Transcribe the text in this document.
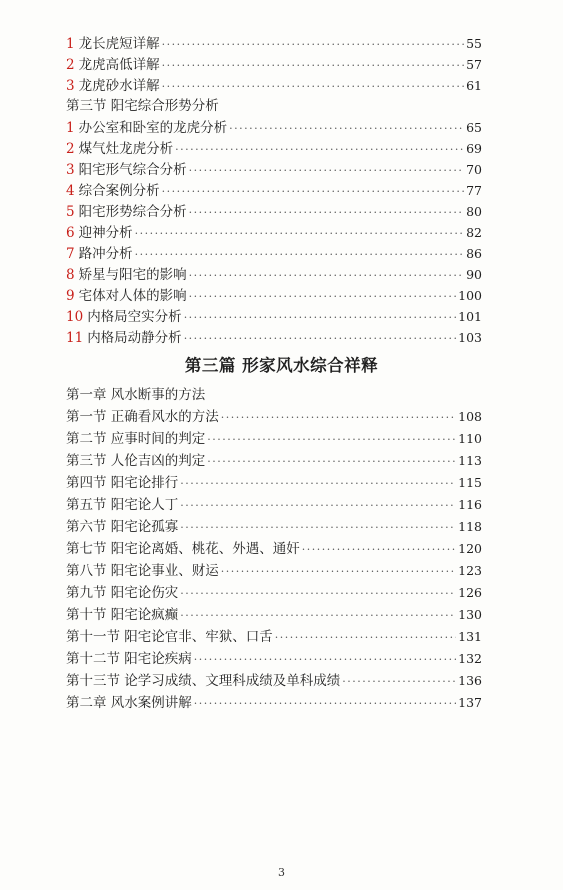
1 龙长虎短详解 ·····	55
2 龙虎高低详解 ·····	57
3 龙虎砂水详解 ·····	61
第三节 阳宅综合形势分析
1 办公室和卧室的龙虎分析 ·····	65
2 煤气灶龙虎分析 ·····	69
3 阳宅形气综合分析 ·····	70
4 综合案例分析 ·····	77
5 阳宅形势综合分析 ·····	80
6 迎神分析 ·····	82
7 路冲分析 ·····	86
8 矫星与阳宅的影响 ·····	90
9 宅体对人体的影响 ·····	100
10 内格局空实分析 ·····	101
11 内格局动静分析 ·····	103
第三篇 形家风水综合祥释
第一章 风水断事的方法
第一节 正确看风水的方法 ·····	108
第二节 应事时间的判定 ·····	110
第三节 人伦吉凶的判定 ·····	113
第四节 阳宅论排行 ·····	115
第五节 阳宅论人丁 ·····	116
第六节 阳宅论孤寡 ·····	118
第七节 阳宅论离婚、桃花、外遇、通奸 ·····	120
第八节 阳宅论事业、财运 ·····	123
第九节 阳宅论伤灾 ·····	126
第十节 阳宅论疯癫 ·····	130
第十一节 阳宅论官非、牢狱、口舌 ·····	131
第十二节 阳宅论疾病 ·····	132
第十三节 论学习成绩、文理科成绩及单科成绩 ·····	136
第二章 风水案例讲解 ·····	137
3
